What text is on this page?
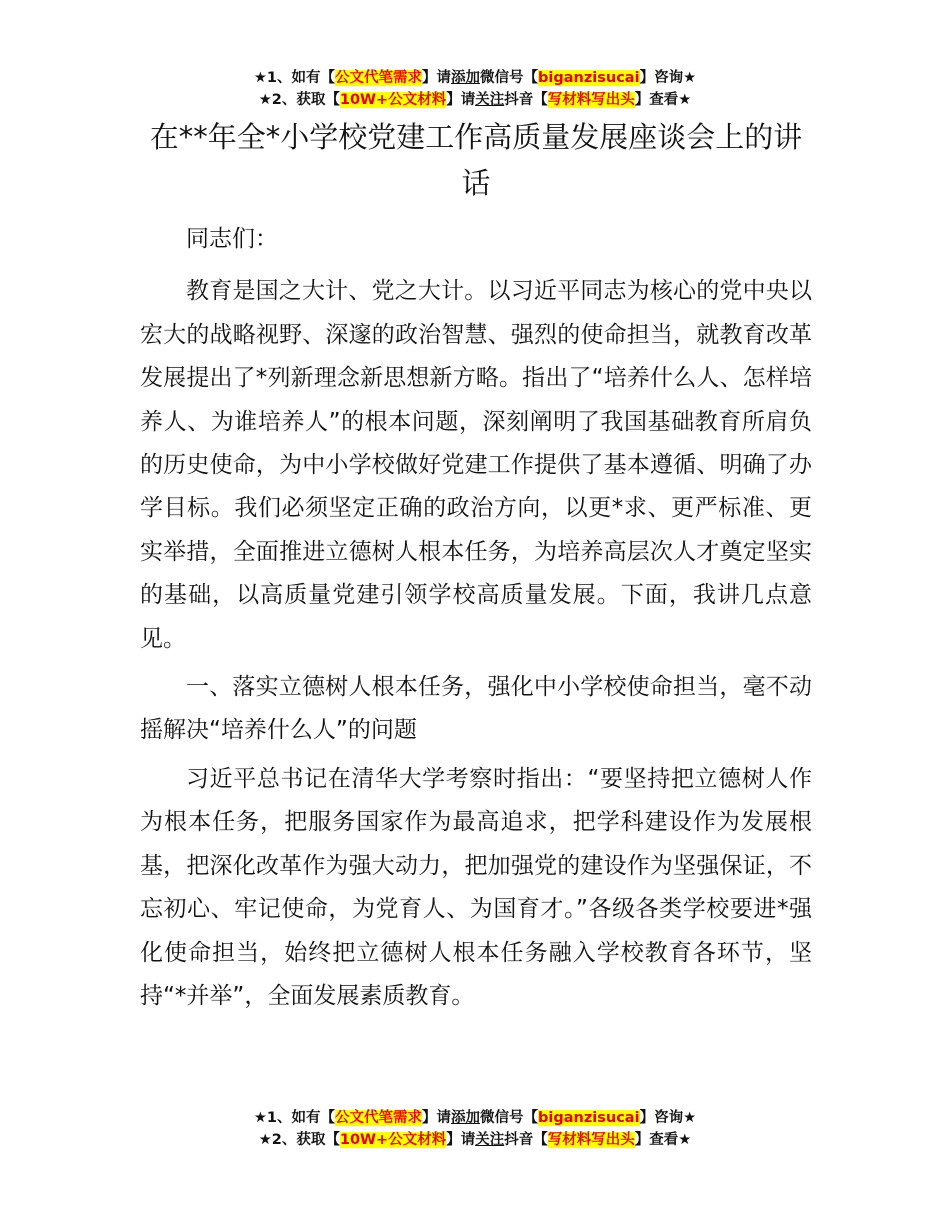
★1、如有【公文代笔需求】请添加微信号【biganzisucai】咨询★
★2、获取【10W+公文材料】请关注抖音【写材料写出头】查看★
在**年全*小学校党建工作高质量发展座谈会上的讲话

同志们：

教育是国之大计、党之大计。以习近平同志为核心的党中央以宏大的战略视野、深邃的政治智慧、强烈的使命担当，就教育改革发展提出了*列新理念新思想新方略。指出了“培养什么人、怎样培养人、为谁培养人”的根本问题，深刻阐明了我国基础教育所肩负的历史使命，为中小学校做好党建工作提供了基本遵循、明确了办学目标。我们必须坚定正确的政治方向，以更*求、更严标准、更实举措，全面推进立德树人根本任务，为培养高层次人才奠定坚实的基础，以高质量党建引领学校高质量发展。下面，我讲几点意见。

一、落实立德树人根本任务，强化中小学校使命担当，毫不动摇解决“培养什么人”的问题

习近平总书记在清华大学考察时指出：“要坚持把立德树人作为根本任务，把服务国家作为最高追求，把学科建设作为发展根基，把深化改革作为强大动力，把加强党的建设作为坚强保证，不忘初心、牢记使命，为党育人、为国育才。”各级各类学校要进*强化使命担当，始终把立德树人根本任务融入学校教育各环节，坚持“*并举”，全面发展素质教育。

★1、如有【公文代笔需求】请添加微信号【biganzisucai】咨询★
★2、获取【10W+公文材料】请关注抖音【写材料写出头】查看★
